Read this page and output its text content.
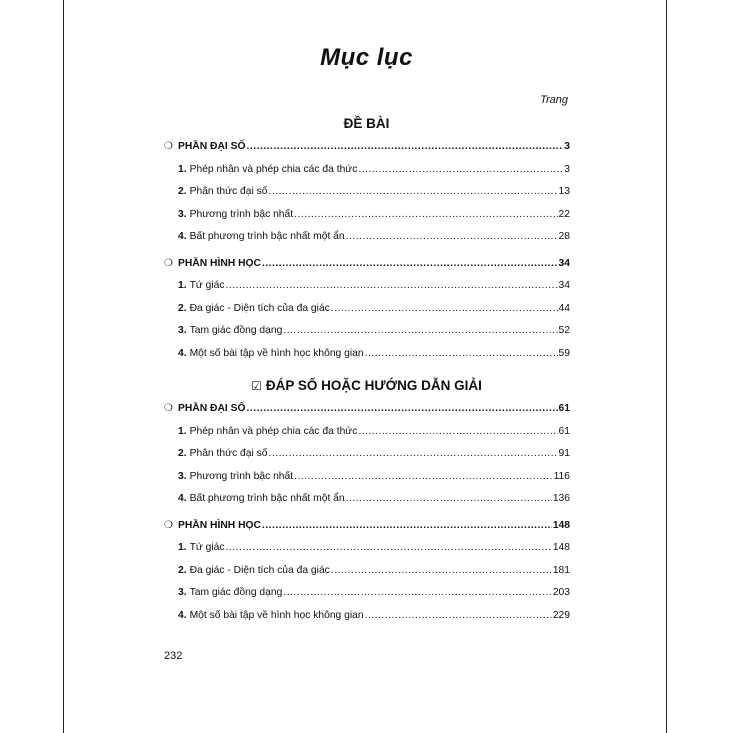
Mục lục
Trang
ĐỀ BÀI
❍ PHẦN ĐẠI SỐ .....	3
1. Phép nhân và phép chia các đa thức .....	3
2. Phân thức đại số .....	13
3. Phương trình bậc nhất .....	22
4. Bất phương trình bậc nhất một ẩn .....	28
❍ PHẦN HÌNH HỌC .....	34
1. Tứ giác .....	34
2. Đa giác - Diện tích của đa giác .....	44
3. Tam giác đồng dạng .....	52
4. Một số bài tập về hình học không gian .....	59
☑ ĐÁP SỐ HOẶC HƯỚNG DẪN GIẢI
❍ PHẦN ĐẠI SỐ .....	61
1. Phép nhân và phép chia các đa thức .....	61
2. Phân thức đại số .....	91
3. Phương trình bậc nhất .....	116
4. Bất phương trình bậc nhất một ẩn .....	136
❍ PHẦN HÌNH HỌC .....	148
1. Tứ giác .....	148
2. Đa giác - Diện tích của đa giác .....	181
3. Tam giác đồng dạng .....	203
4. Một số bài tập về hình học không gian .....	229
232
